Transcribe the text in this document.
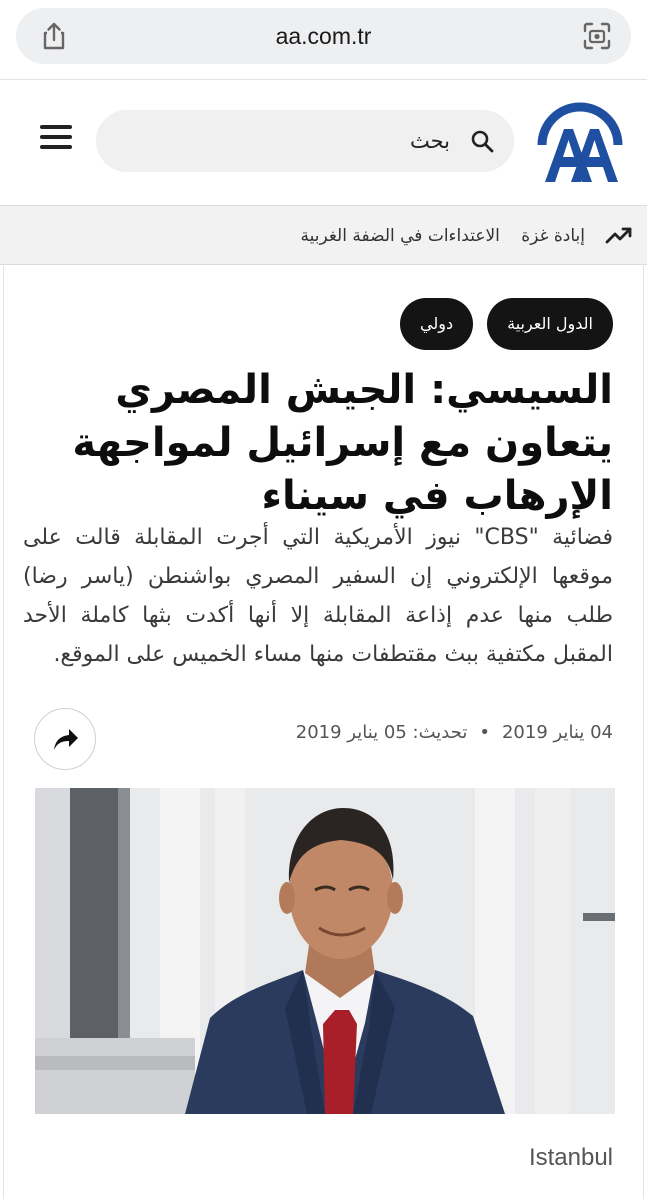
aa.com.tr
بحث
إبادة غزة الاعتداءات في الضفة الغربية
الدول العربية
دولي
السيسي: الجيش المصري يتعاون مع إسرائيل لمواجهة الإرهاب في سيناء

فضائية "CBS" نيوز الأمريكية التي أجرت المقابلة قالت على موقعها الإلكتروني إن السفير المصري بواشنطن (ياسر رضا) طلب منها عدم إذاعة المقابلة إلا أنها أكدت بثها كاملة الأحد المقبل مكتفية ببث مقتطفات منها مساء الخميس على الموقع.

04 يناير 2019•تحديث: 05 يناير 2019
Istanbul
